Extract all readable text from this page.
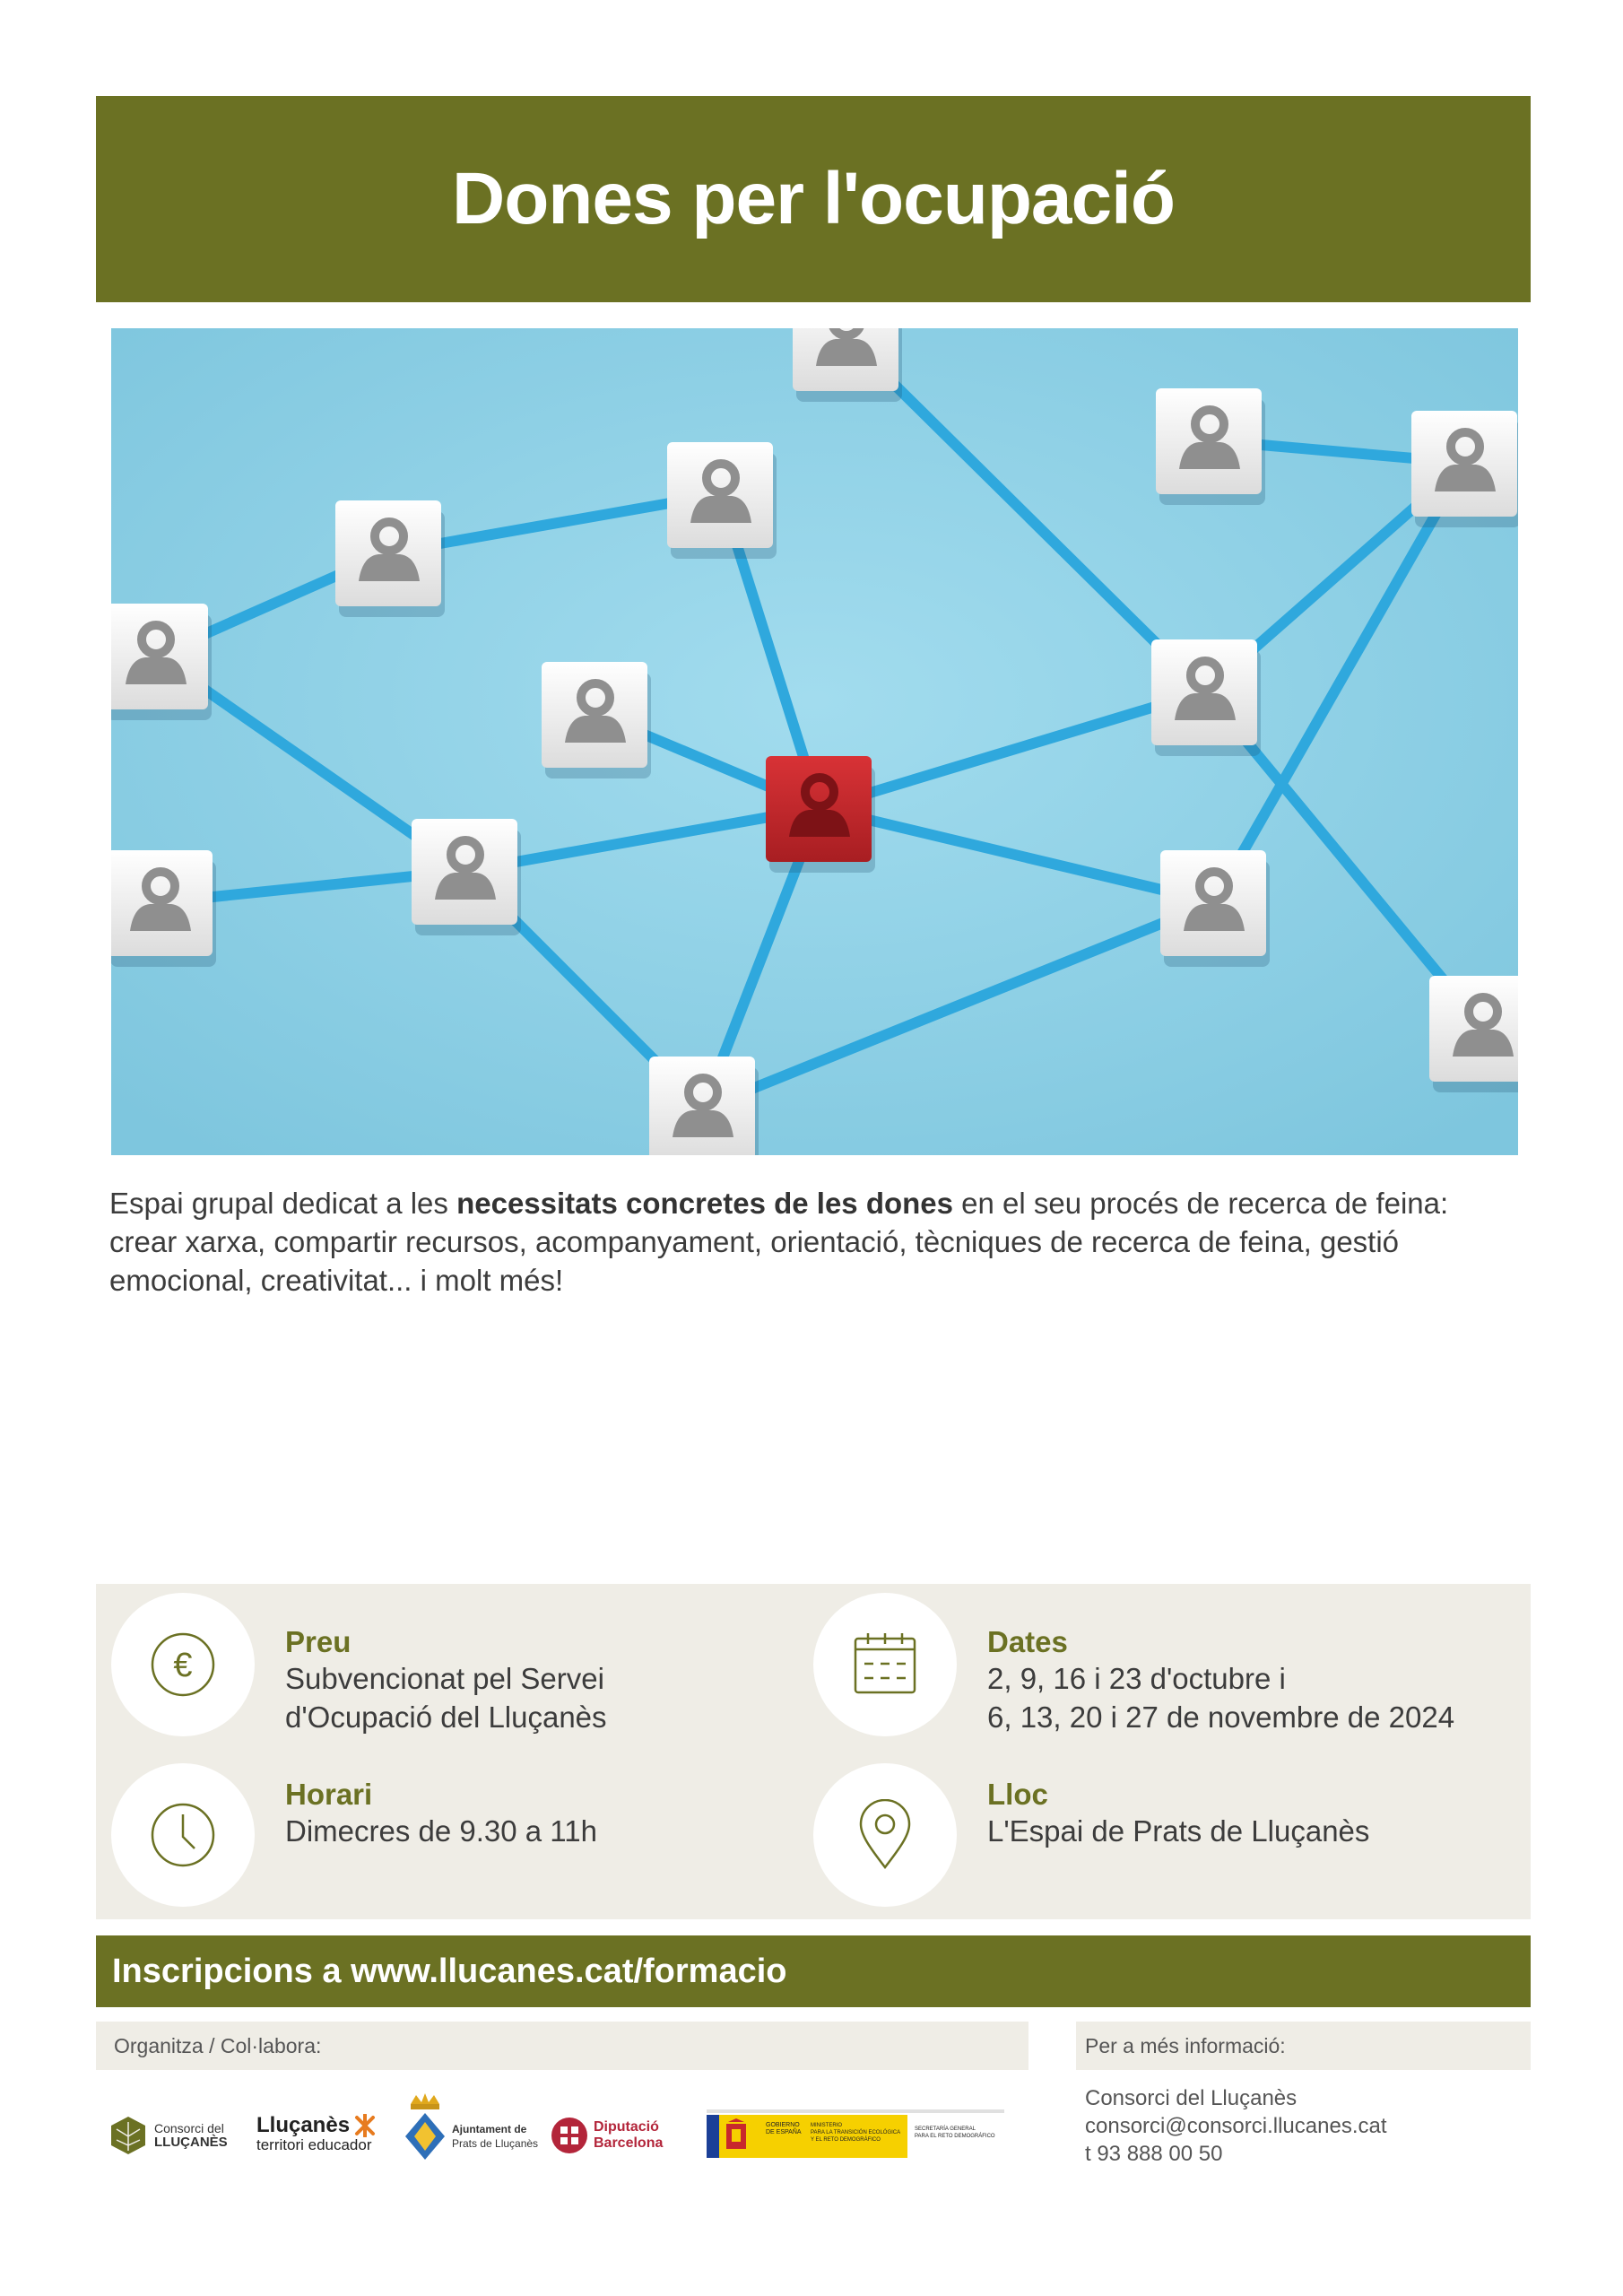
Dones per l'ocupació
Espai grupal dedicat a les necessitats concretes de les dones en el seu procés de recerca de feina: crear xarxa, compartir recursos, acompanyament, orientació, tècniques de recerca de feina, gestió emocional, creativitat... i molt més!
€
Preu
Subvencionat pel Servei
d'Ocupació del Lluçanès
Dates
2, 9, 16 i 23 d'octubre i
6, 13, 20 i 27 de novembre de 2024
Horari
Dimecres de 9.30 a 11h
Lloc
L'Espai de Prats de Lluçanès
Inscripcions a www.llucanes.cat/formacio
Organitza / Col·labora:	Per a més informació:
Consorci del
LLUÇANÈS
Lluçanès
territori educador
Ajuntament de
Prats de Lluçanès
Diputació
Barcelona
GOBIERNO
DE ESPAÑA
MINISTERIO
PARA LA TRANSICIÓN ECOLÓGICA
Y EL RETO DEMOGRÁFICO
SECRETARÍA GENERAL
PARA EL RETO DEMOGRÁFICO
Consorci del Lluçanès
consorci@consorci.llucanes.cat
t 93 888 00 50
